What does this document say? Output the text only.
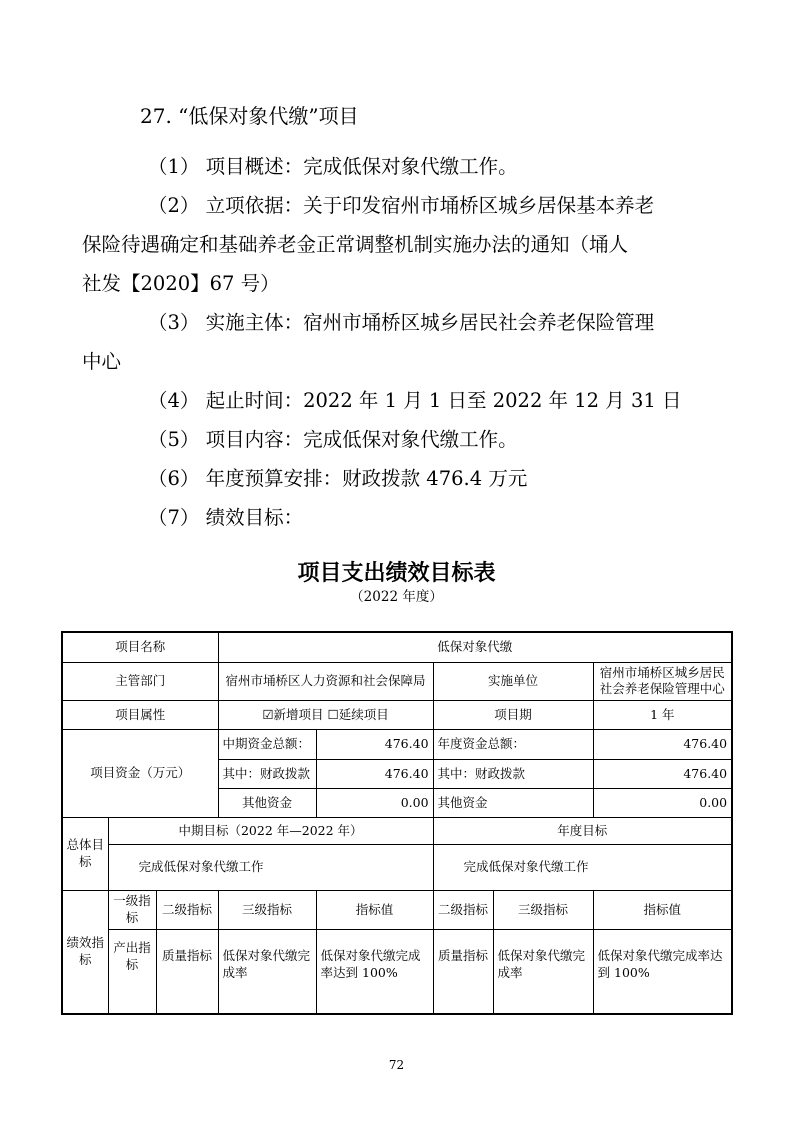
27. “低保对象代缴”项目
（1） 项目概述：完成低保对象代缴工作。
（2） 立项依据：关于印发宿州市埇桥区城乡居保基本养老
保险待遇确定和基础养老金正常调整机制实施办法的通知（埇人
社发【2020】67 号）
（3） 实施主体：宿州市埇桥区城乡居民社会养老保险管理
中心
（4） 起止时间：2022 年 1 月 1 日至 2022 年 12 月 31 日
（5） 项目内容：完成低保对象代缴工作。
（6） 年度预算安排：财政拨款 476.4 万元
（7） 绩效目标：
项目支出绩效目标表
（2022 年度）
项目名称			低保对象代缴				
主管部门			宿州市埇桥区人力资源和社会保障局		实施单位		宿州市埇桥区城乡居民社会养老保险管理中心
项目属性			☑新增项目 ☐延续项目		项目期		1 年
项目资金（万元）			中期资金总额：	476.40	年度资金总额：		476.40
			其中：财政拨款	476.40	其中：财政拨款		476.40
			其他资金	0.00	其他资金		0.00
总体目标	中期目标（2022 年—2022 年）				年度目标		
	完成低保对象代缴工作				完成低保对象代缴工作		
绩效指标	一级指标	二级指标	三级指标	指标值	二级指标	三级指标	指标值
	产出指标	质量指标	低保对象代缴完成率	低保对象代缴完成率达到 100%	质量指标	低保对象代缴完成率	低保对象代缴完成率达到 100%
72
